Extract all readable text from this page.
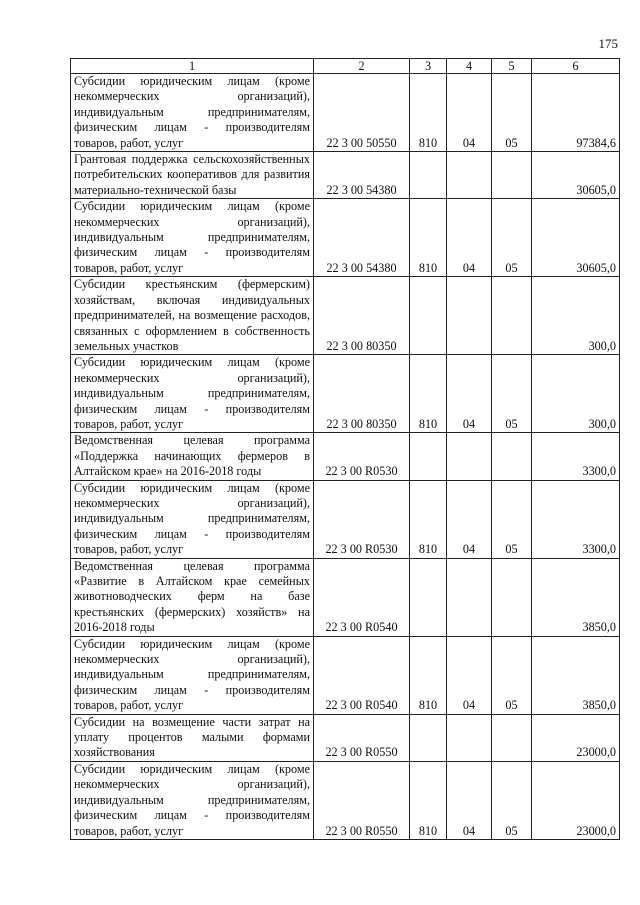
175
1	2	3	4	5	6
Субсидии юридическим лицам (кроме некоммерческих организаций), индивидуальным предпринимателям, физическим лицам - производителям товаров, работ, услуг	22 3 00 50550	810	04	05	97384,6
Грантовая поддержка сельскохозяйственных потребительских кооперативов для развития материально-технической базы	22 3 00 54380				30605,0
Субсидии юридическим лицам (кроме некоммерческих организаций), индивидуальным предпринимателям, физическим лицам - производителям товаров, работ, услуг	22 3 00 54380	810	04	05	30605,0
Субсидии крестьянским (фермерским) хозяйствам, включая индивидуальных предпринимателей, на возмещение расходов, связанных с оформлением в собственность земельных участков	22 3 00 80350				300,0
Субсидии юридическим лицам (кроме некоммерческих организаций), индивидуальным предпринимателям, физическим лицам - производителям товаров, работ, услуг	22 3 00 80350	810	04	05	300,0
Ведомственная целевая программа «Поддержка начинающих фермеров в Алтайском крае» на 2016-2018 годы	22 3 00 R0530				3300,0
Субсидии юридическим лицам (кроме некоммерческих организаций), индивидуальным предпринимателям, физическим лицам - производителям товаров, работ, услуг	22 3 00 R0530	810	04	05	3300,0
Ведомственная целевая программа «Развитие в Алтайском крае семейных животноводческих ферм на базе крестьянских (фермерских) хозяйств» на 2016-2018 годы	22 3 00 R0540				3850,0
Субсидии юридическим лицам (кроме некоммерческих организаций), индивидуальным предпринимателям, физическим лицам - производителям товаров, работ, услуг	22 3 00 R0540	810	04	05	3850,0
Субсидии на возмещение части затрат на уплату процентов малыми формами хозяйствования	22 3 00 R0550				23000,0
Субсидии юридическим лицам (кроме некоммерческих организаций), индивидуальным предпринимателям, физическим лицам - производителям товаров, работ, услуг	22 3 00 R0550	810	04	05	23000,0
